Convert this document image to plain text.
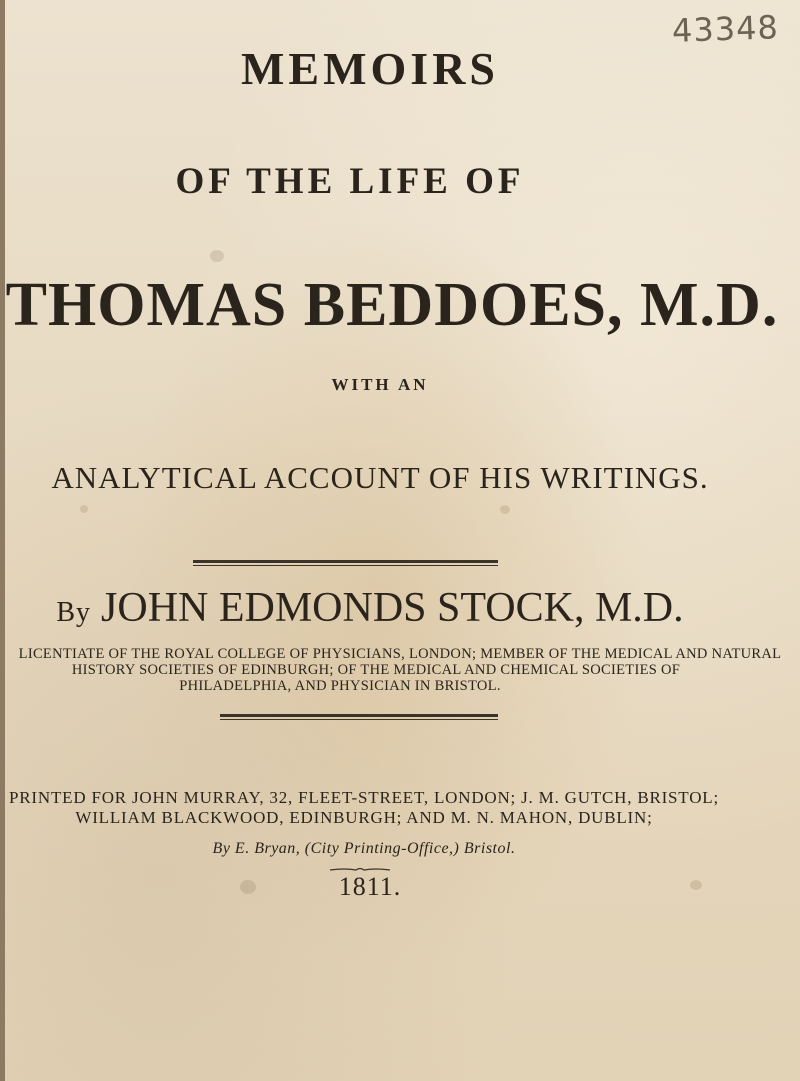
43348
MEMOIRS
OF THE LIFE OF
THOMAS BEDDOES, M.D.
WITH AN
ANALYTICAL ACCOUNT OF HIS WRITINGS.
By JOHN EDMONDS STOCK, M.D.
LICENTIATE OF THE ROYAL COLLEGE OF PHYSICIANS, LONDON; MEMBER OF THE MEDICAL AND NATURAL
HISTORY SOCIETIES OF EDINBURGH; OF THE MEDICAL AND CHEMICAL SOCIETIES OF
PHILADELPHIA, AND PHYSICIAN IN BRISTOL.
PRINTED FOR JOHN MURRAY, 32, FLEET-STREET, LONDON; J. M. GUTCH, BRISTOL;
WILLIAM BLACKWOOD, EDINBURGH; AND M. N. MAHON, DUBLIN;
By E. Bryan, (City Printing-Office,) Bristol.
1811.
